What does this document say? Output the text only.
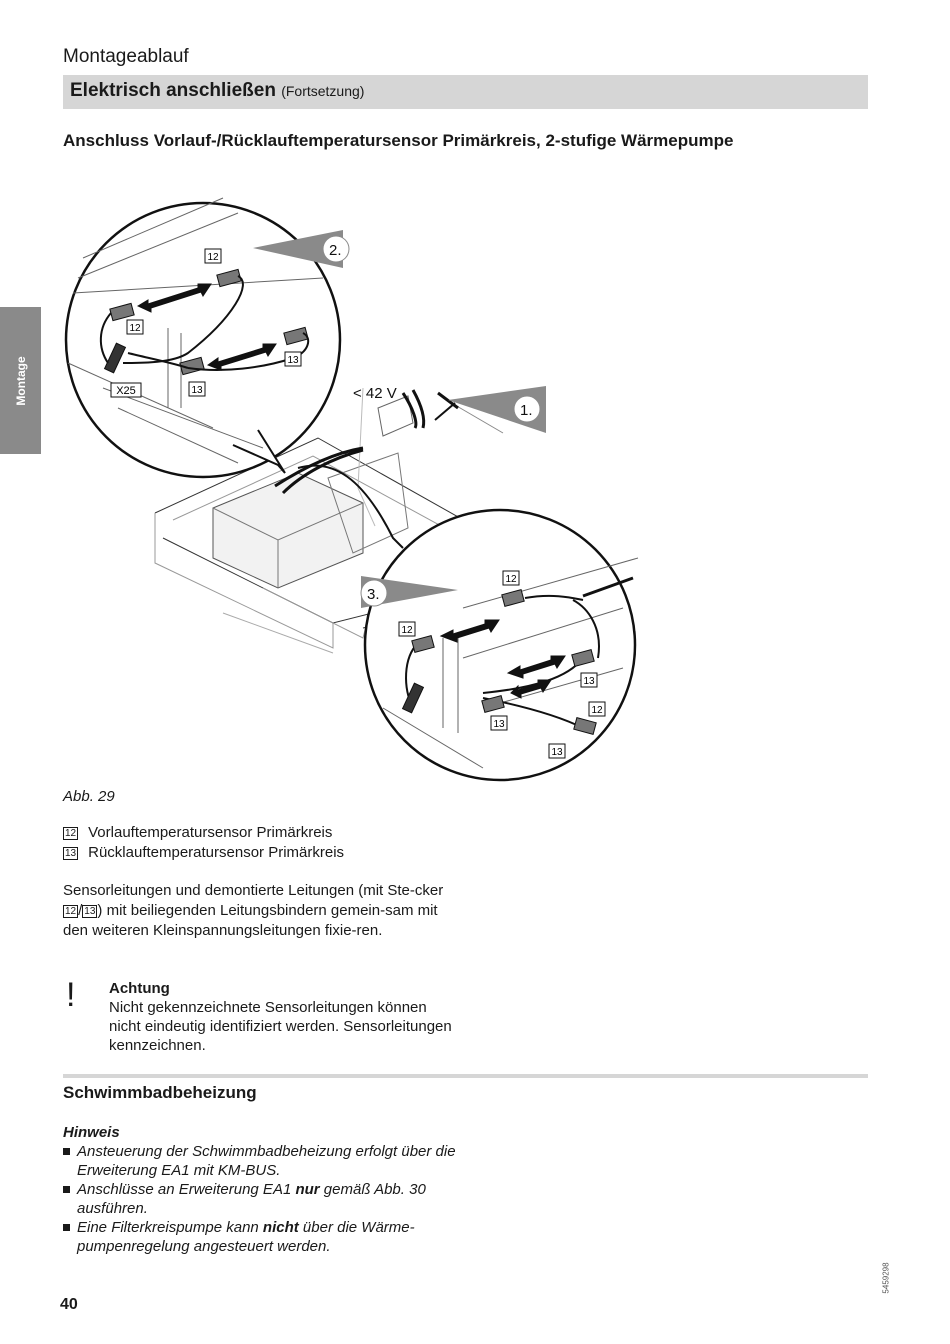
Montageablauf
Elektrisch anschließen (Fortsetzung)
Anschluss Vorlauf-/Rücklauftemperatursensor Primärkreis, 2-stufige Wärmepumpe
Montage	< 42 V
1.
2.
12
12
13
13
X25
3.
12
12
13
12
13
13
Abb. 29
12 Vorlauftemperatursensor Primärkreis
13 Rücklauftemperatursensor Primärkreis
Sensorleitungen und demontierte Leitungen (mit Ste-cker 12 / 13 ) mit beiliegenden Leitungsbindern gemein-sam mit den weiteren Kleinspannungsleitungen fixie-ren.
! Achtung
Nicht gekennzeichnete Sensorleitungen können nicht eindeutig identifiziert werden. Sensorleitungen kennzeichnen.
Schwimmbadbeheizung
Hinweis
Ansteuerung der Schwimmbadbeheizung erfolgt über die Erweiterung EA1 mit KM-BUS.
Anschlüsse an Erweiterung EA1 nur gemäß Abb. 30 ausführen.
Eine Filterkreispumpe kann nicht über die Wärme-pumpenregelung angesteuert werden.
40
5459298
